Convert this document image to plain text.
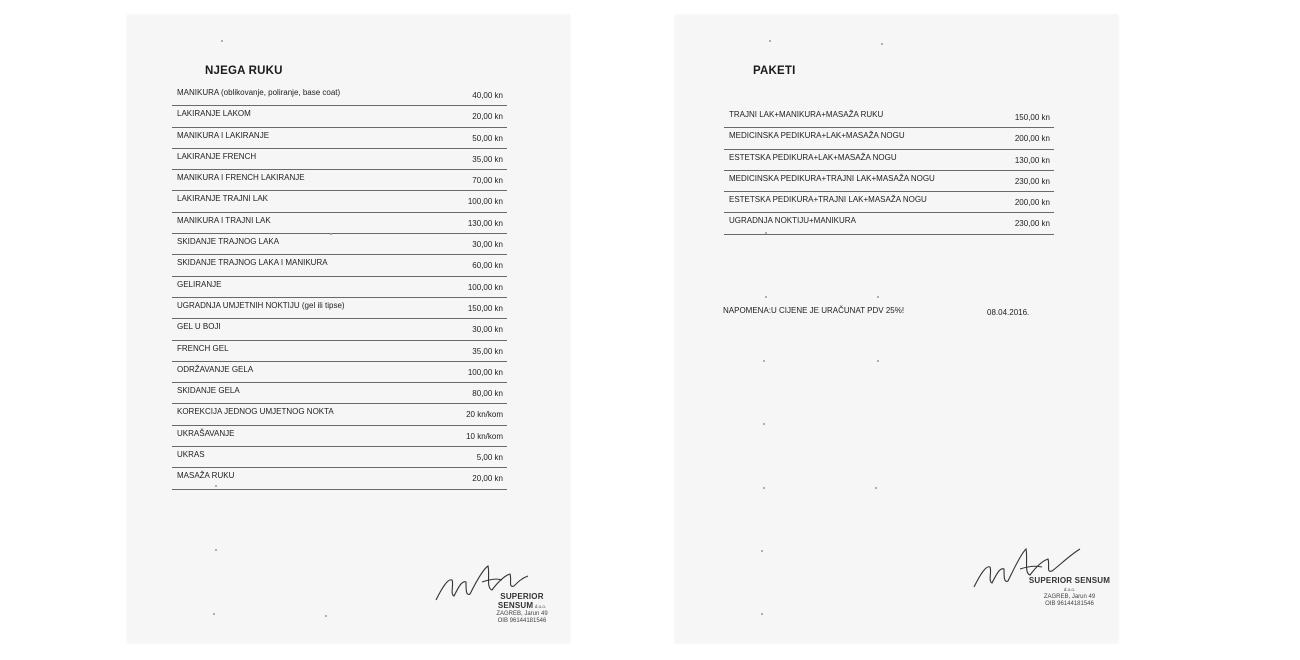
NJEGA RUKU
MANIKURA (oblikovanje, poliranje, base coat)	40,00 kn
LAKIRANJE LAKOM	20,00 kn
MANIKURA I LAKIRANJE	50,00 kn
LAKIRANJE FRENCH	35,00 kn
MANIKURA I FRENCH LAKIRANJE	70,00 kn
LAKIRANJE TRAJNI LAK	100,00 kn
MANIKURA I TRAJNI LAK	130,00 kn
SKIDANJE TRAJNOG LAKA	30,00 kn
SKIDANJE TRAJNOG LAKA I MANIKURA	60,00 kn
GELIRANJE	100,00 kn
UGRADNJA UMJETNIH NOKTIJU (gel ili tipse)	150,00 kn
GEL U BOJI	30,00 kn
FRENCH GEL	35,00 kn
ODRŽAVANJE GELA	100,00 kn
SKIDANJE GELA	80,00 kn
KOREKCIJA JEDNOG UMJETNOG NOKTA	20 kn/kom
UKRAŠAVANJE	10 kn/kom
UKRAS	5,00 kn
MASAŽA RUKU	20,00 kn
SUPERIOR SENSUM d.o.o.
ZAGREB, Jarun 49
OIB 96144181546
PAKETI
TRAJNI LAK+MANIKURA+MASAŽA RUKU	150,00 kn
MEDICINSKA PEDIKURA+LAK+MASAŽA NOGU	200,00 kn
ESTETSKA PEDIKURA+LAK+MASAŽA NOGU	130,00 kn
MEDICINSKA PEDIKURA+TRAJNI LAK+MASAŽA NOGU	230,00 kn
ESTETSKA PEDIKURA+TRAJNI LAK+MASAŽA NOGU	200,00 kn
UGRADNJA NOKTIJU+MANIKURA	230,00 kn
NAPOMENA:U CIJENE JE URAČUNAT PDV 25%!	08.04.2016.
SUPERIOR SENSUM d.o.o.
ZAGREB, Jarun 49
OIB 96144181546
